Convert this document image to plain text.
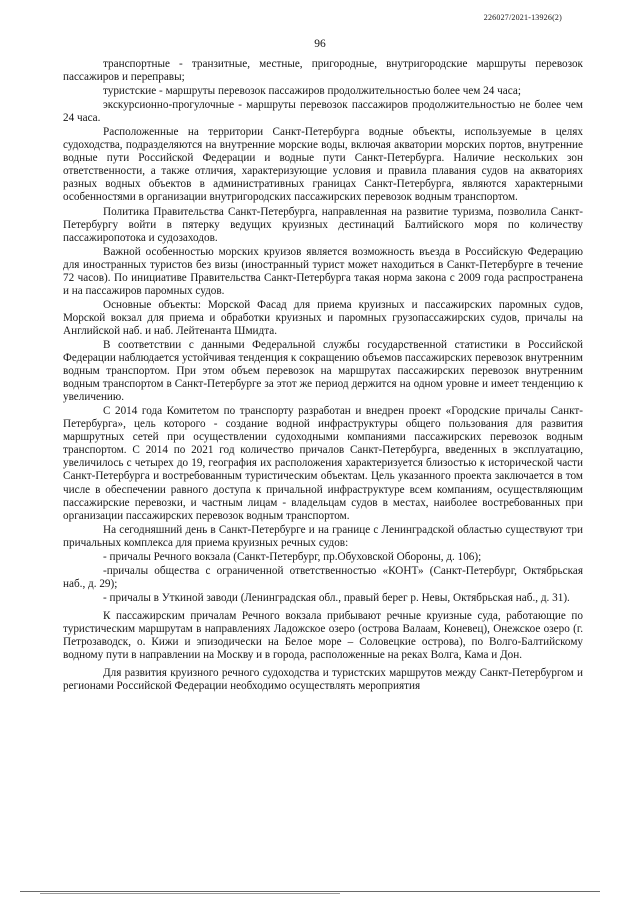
226027/2021-13926(2)
96

транспортные - транзитные, местные, пригородные, внутригородские маршруты перевозок пассажиров и переправы;

туристские - маршруты перевозок пассажиров продолжительностью более чем 24 часа;

экскурсионно-прогулочные - маршруты перевозок пассажиров продолжительностью не более чем 24 часа.

Расположенные на территории Санкт-Петербурга водные объекты, используемые в целях судоходства, подразделяются на внутренние морские воды, включая акватории морских портов, внутренние водные пути Российской Федерации и водные пути Санкт-Петербурга. Наличие нескольких зон ответственности, а также отличия, характеризующие условия и правила плавания судов на акваториях разных водных объектов в административных границах Санкт-Петербурга, являются характерными особенностями в организации внутригородских пассажирских перевозок водным транспортом.

Политика Правительства Санкт-Петербурга, направленная на развитие туризма, позволила Санкт-Петербургу войти в пятерку ведущих круизных дестинаций Балтийского моря по количеству пассажиропотока и судозаходов.

Важной особенностью морских круизов является возможность въезда в Российскую Федерацию для иностранных туристов без визы (иностранный турист может находиться в Санкт-Петербурге в течение 72 часов). По инициативе Правительства Санкт-Петербурга такая норма закона с 2009 года распространена и на пассажиров паромных судов.

Основные объекты: Морской Фасад для приема круизных и пассажирских паромных судов, Морской вокзал для приема и обработки круизных и паромных грузопассажирских судов, причалы на Английской наб. и наб. Лейтенанта Шмидта.

В соответствии с данными Федеральной службы государственной статистики в Российской Федерации наблюдается устойчивая тенденция к сокращению объемов пассажирских перевозок внутренним водным транспортом. При этом объем перевозок на маршрутах пассажирских перевозок внутренним водным транспортом в Санкт-Петербурге за этот же период держится на одном уровне и имеет тенденцию к увеличению.

С 2014 года Комитетом по транспорту разработан и внедрен проект «Городские причалы Санкт-Петербурга», цель которого - создание водной инфраструктуры общего пользования для развития маршрутных сетей при осуществлении судоходными компаниями пассажирских перевозок водным транспортом. С 2014 по 2021 год количество причалов Санкт-Петербурга, введенных в эксплуатацию, увеличилось с четырех до 19, география их расположения характеризуется близостью к исторической части Санкт-Петербурга и востребованным туристическим объектам. Цель указанного проекта заключается в том числе в обеспечении равного доступа к причальной инфраструктуре всем компаниям, осуществляющим пассажирские перевозки, и частным лицам - владельцам судов в местах, наиболее востребованных при организации пассажирских перевозок водным транспортом.

На сегодняшний день в Санкт-Петербурге и на границе с Ленинградской областью существуют три причальных комплекса для приема круизных речных судов:

- причалы Речного вокзала (Санкт-Петербург, пр.Обуховской Обороны, д. 106);

-причалы общества с ограниченной ответственностью «КОНТ» (Санкт-Петербург, Октябрьская наб., д. 29);

- причалы в Уткиной заводи (Ленинградская обл., правый берег р. Невы, Октябрьская наб., д. 31).

К пассажирским причалам Речного вокзала прибывают речные круизные суда, работающие по туристическим маршрутам в направлениях Ладожское озеро (острова Валаам, Коневец), Онежское озеро (г. Петрозаводск, о. Кижи и эпизодически на Белое море – Соловецкие острова), по Волго-Балтийскому водному пути в направлении на Москву и в города, расположенные на реках Волга, Кама и Дон.

Для развития круизного речного судоходства и туристских маршрутов между Санкт-Петербургом и регионами Российской Федерации необходимо осуществлять мероприятия
